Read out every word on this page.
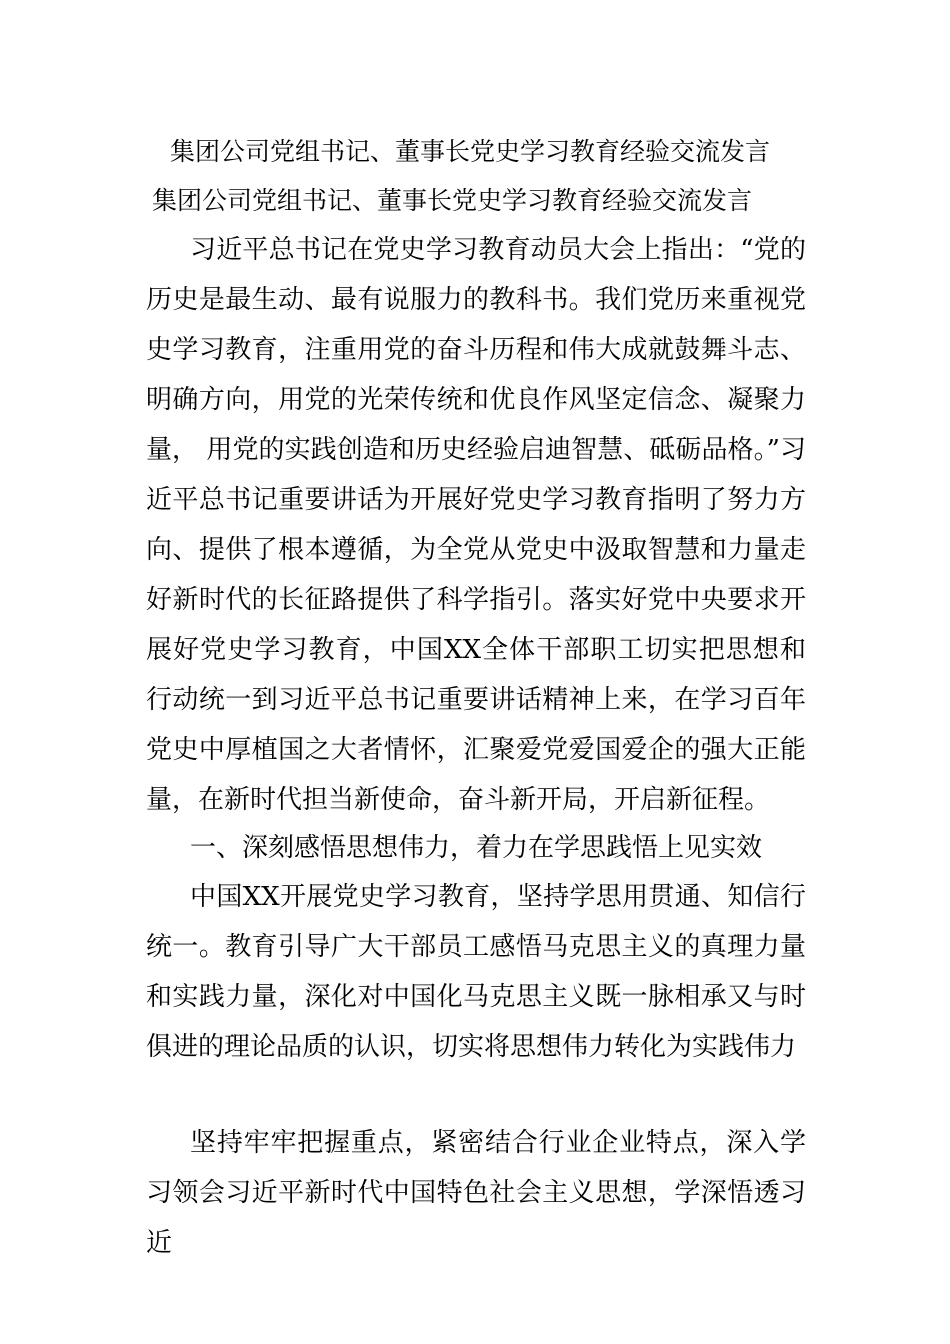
集团公司党组书记、董事长党史学习教育经验交流发言
集团公司党组书记、董事长党史学习教育经验交流发言
习近平总书记在党史学习教育动员大会上指出：“党的历史是最生动、最有说服力的教科书。我们党历来重视党史学习教育，注重用党的奋斗历程和伟大成就鼓舞斗志、明确方向，用党的光荣传统和优良作风坚定信念、凝聚力量， 用党的实践创造和历史经验启迪智慧、砥砺品格。”习近平总书记重要讲话为开展好党史学习教育指明了努力方向、提供了根本遵循，为全党从党史中汲取智慧和力量走好新时代的长征路提供了科学指引。落实好党中央要求开展好党史学习教育，中国XX全体干部职工切实把思想和行动统一到习近平总书记重要讲话精神上来，在学习百年党史中厚植国之大者情怀，汇聚爱党爱国爱企的强大正能量，在新时代担当新使命，奋斗新开局，开启新征程。
一、深刻感悟思想伟力，着力在学思践悟上见实效
中国XX开展党史学习教育，坚持学思用贯通、知信行统一。教育引导广大干部员工感悟马克思主义的真理力量和实践力量，深化对中国化马克思主义既一脉相承又与时俱进的理论品质的认识，切实将思想伟力转化为实践伟力
坚持牢牢把握重点，紧密结合行业企业特点，深入学习领会习近平新时代中国特色社会主义思想，学深悟透习近
